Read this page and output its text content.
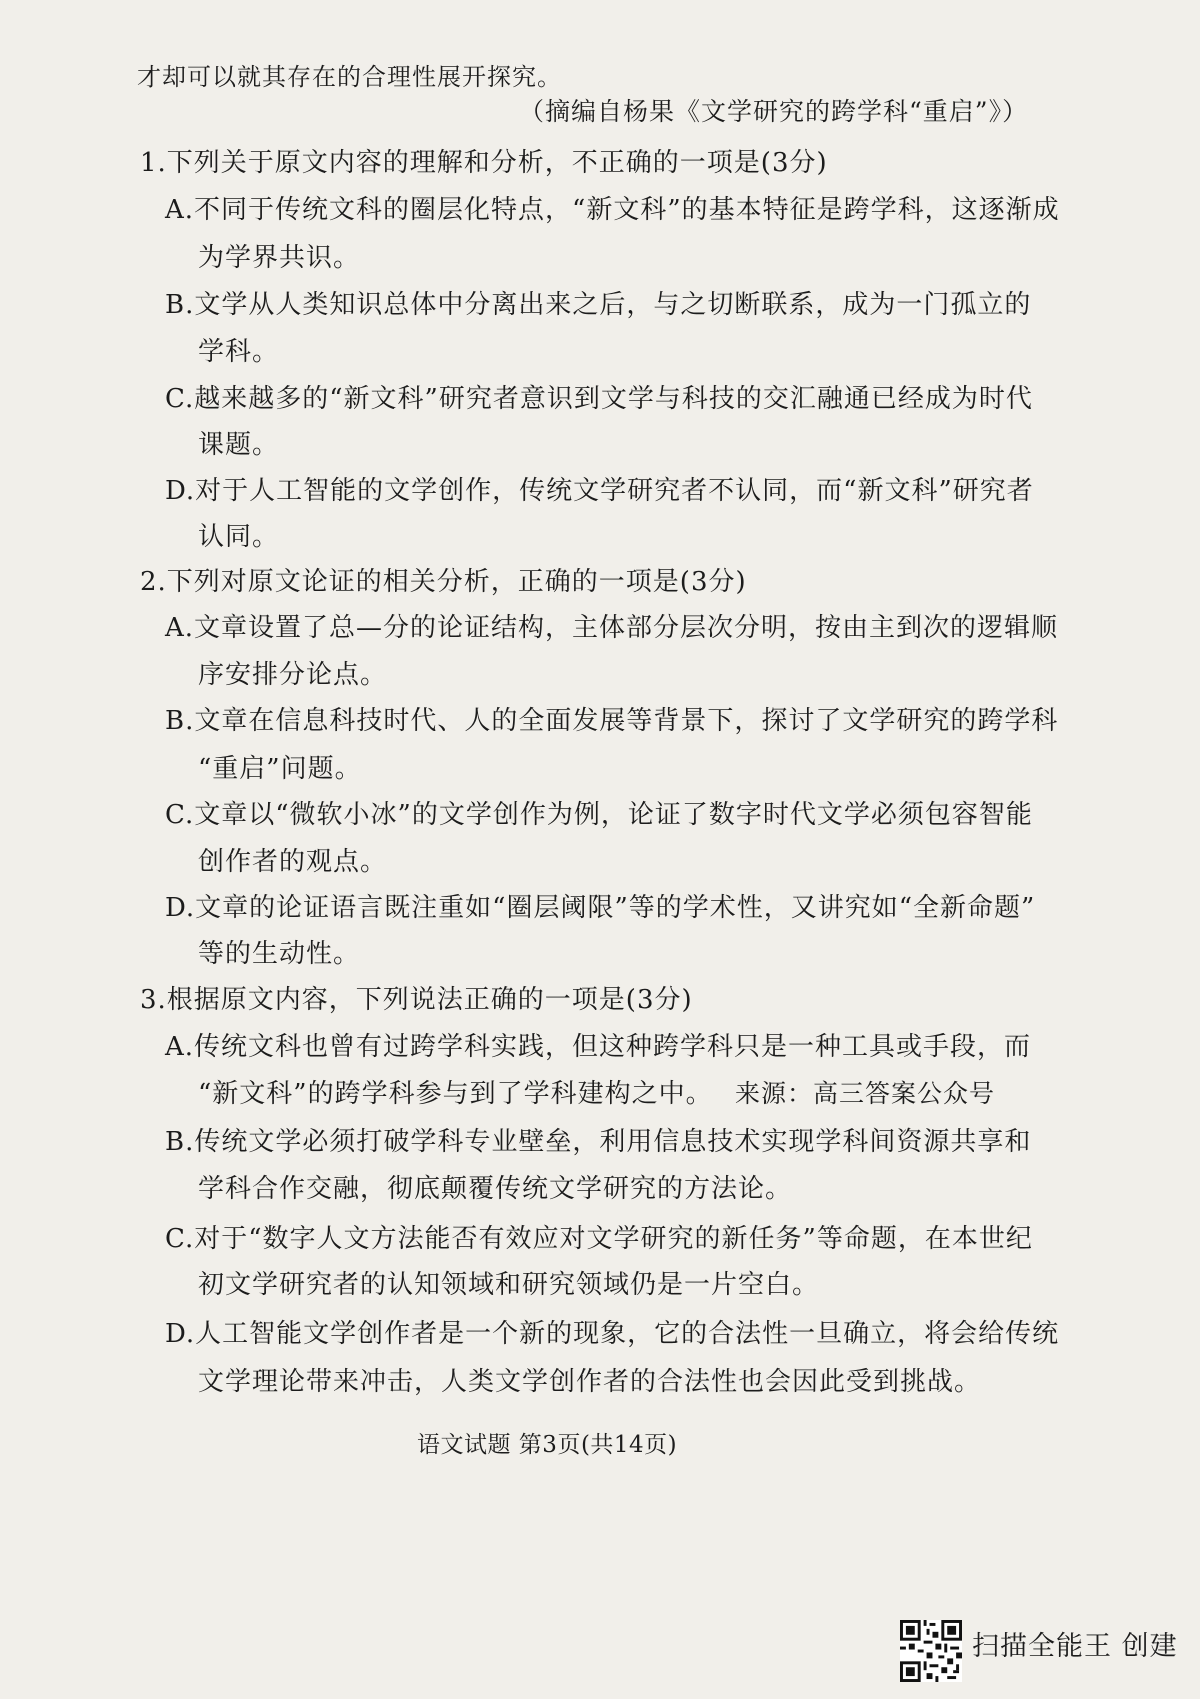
才却可以就其存在的合理性展开探究。
（摘编自杨果《文学研究的跨学科“重启”》）
1.下列关于原文内容的理解和分析，不正确的一项是(3分)
A.不同于传统文科的圈层化特点，“新文科”的基本特征是跨学科，这逐渐成
为学界共识。
B.文学从人类知识总体中分离出来之后，与之切断联系，成为一门孤立的
学科。
C.越来越多的“新文科”研究者意识到文学与科技的交汇融通已经成为时代
课题。
D.对于人工智能的文学创作，传统文学研究者不认同，而“新文科”研究者
认同。
2.下列对原文论证的相关分析，正确的一项是(3分)
A.文章设置了总—分的论证结构，主体部分层次分明，按由主到次的逻辑顺
序安排分论点。
B.文章在信息科技时代、人的全面发展等背景下，探讨了文学研究的跨学科
“重启”问题。
C.文章以“微软小冰”的文学创作为例，论证了数字时代文学必须包容智能
创作者的观点。
D.文章的论证语言既注重如“圈层阈限”等的学术性，又讲究如“全新命题”
等的生动性。
3.根据原文内容，下列说法正确的一项是(3分)
A.传统文科也曾有过跨学科实践，但这种跨学科只是一种工具或手段，而
“新文科”的跨学科参与到了学科建构之中。 来源：高三答案公众号
B.传统文学必须打破学科专业壁垒，利用信息技术实现学科间资源共享和
学科合作交融，彻底颠覆传统文学研究的方法论。
C.对于“数字人文方法能否有效应对文学研究的新任务”等命题，在本世纪
初文学研究者的认知领域和研究领域仍是一片空白。
D.人工智能文学创作者是一个新的现象，它的合法性一旦确立，将会给传统
文学理论带来冲击，人类文学创作者的合法性也会因此受到挑战。
语文试题 第3页(共14页)
扫描全能王 创建
